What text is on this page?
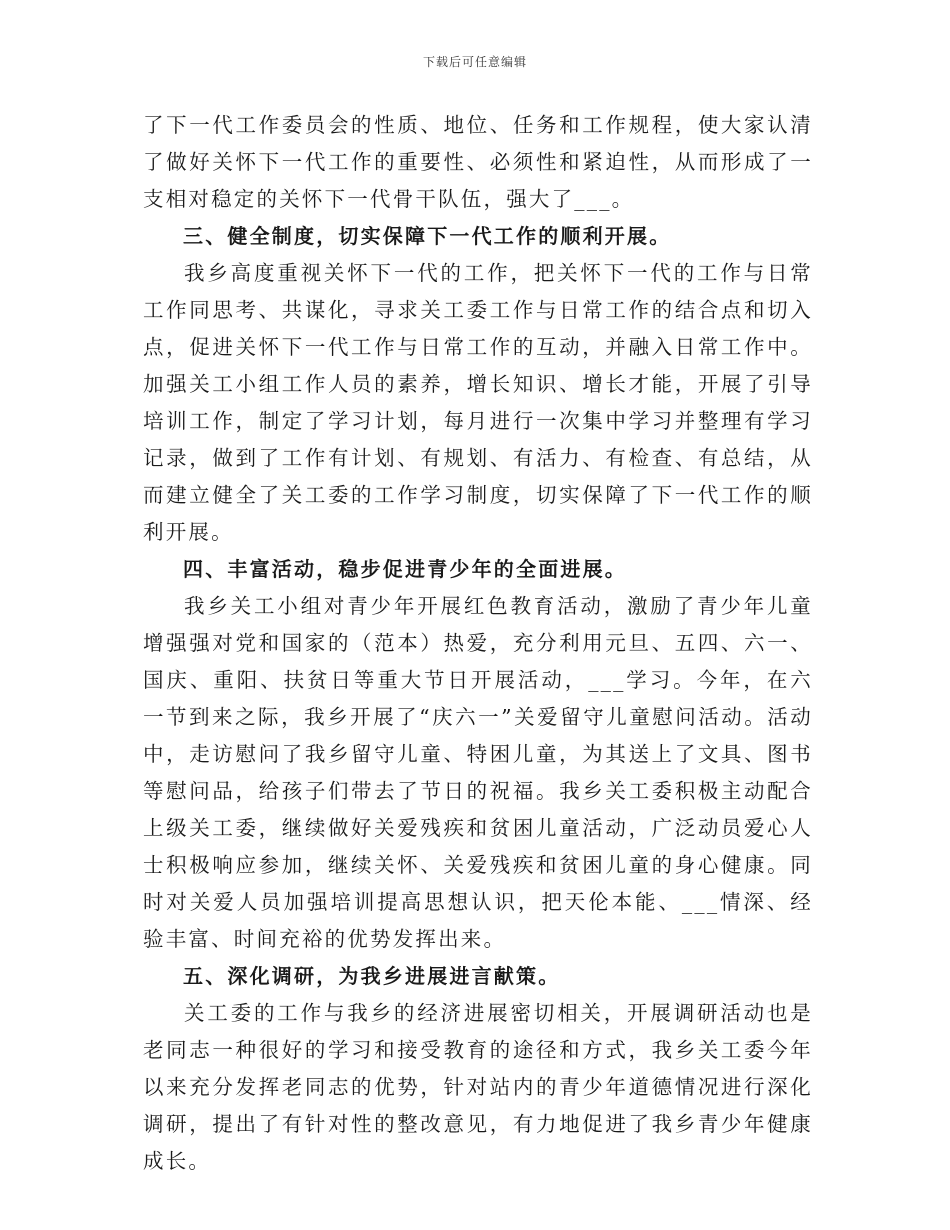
下载后可任意编辑

了下一代工作委员会的性质、地位、任务和工作规程，使大家认清了做好关怀下一代工作的重要性、必须性和紧迫性，从而形成了一支相对稳定的关怀下一代骨干队伍，强大了___。

三、健全制度，切实保障下一代工作的顺利开展。

我乡高度重视关怀下一代的工作，把关怀下一代的工作与日常工作同思考、共谋化，寻求关工委工作与日常工作的结合点和切入点，促进关怀下一代工作与日常工作的互动，并融入日常工作中。加强关工小组工作人员的素养，增长知识、增长才能，开展了引导培训工作，制定了学习计划，每月进行一次集中学习并整理有学习记录，做到了工作有计划、有规划、有活力、有检查、有总结，从而建立健全了关工委的工作学习制度，切实保障了下一代工作的顺利开展。

四、丰富活动，稳步促进青少年的全面进展。

我乡关工小组对青少年开展红色教育活动，激励了青少年儿童增强强对党和国家的（范本）热爱，充分利用元旦、五四、六一、国庆、重阳、扶贫日等重大节日开展活动，___学习。今年，在六一节到来之际，我乡开展了“庆六一”关爱留守儿童慰问活动。活动中，走访慰问了我乡留守儿童、特困儿童，为其送上了文具、图书等慰问品，给孩子们带去了节日的祝福。我乡关工委积极主动配合上级关工委，继续做好关爱残疾和贫困儿童活动，广泛动员爱心人士积极响应参加，继续关怀、关爱残疾和贫困儿童的身心健康。同时对关爱人员加强培训提高思想认识，把天伦本能、___情深、经验丰富、时间充裕的优势发挥出来。

五、深化调研，为我乡进展进言献策。

关工委的工作与我乡的经济进展密切相关，开展调研活动也是老同志一种很好的学习和接受教育的途径和方式，我乡关工委今年以来充分发挥老同志的优势，针对站内的青少年道德情况进行深化调研，提出了有针对性的整改意见，有力地促进了我乡青少年健康成长。
